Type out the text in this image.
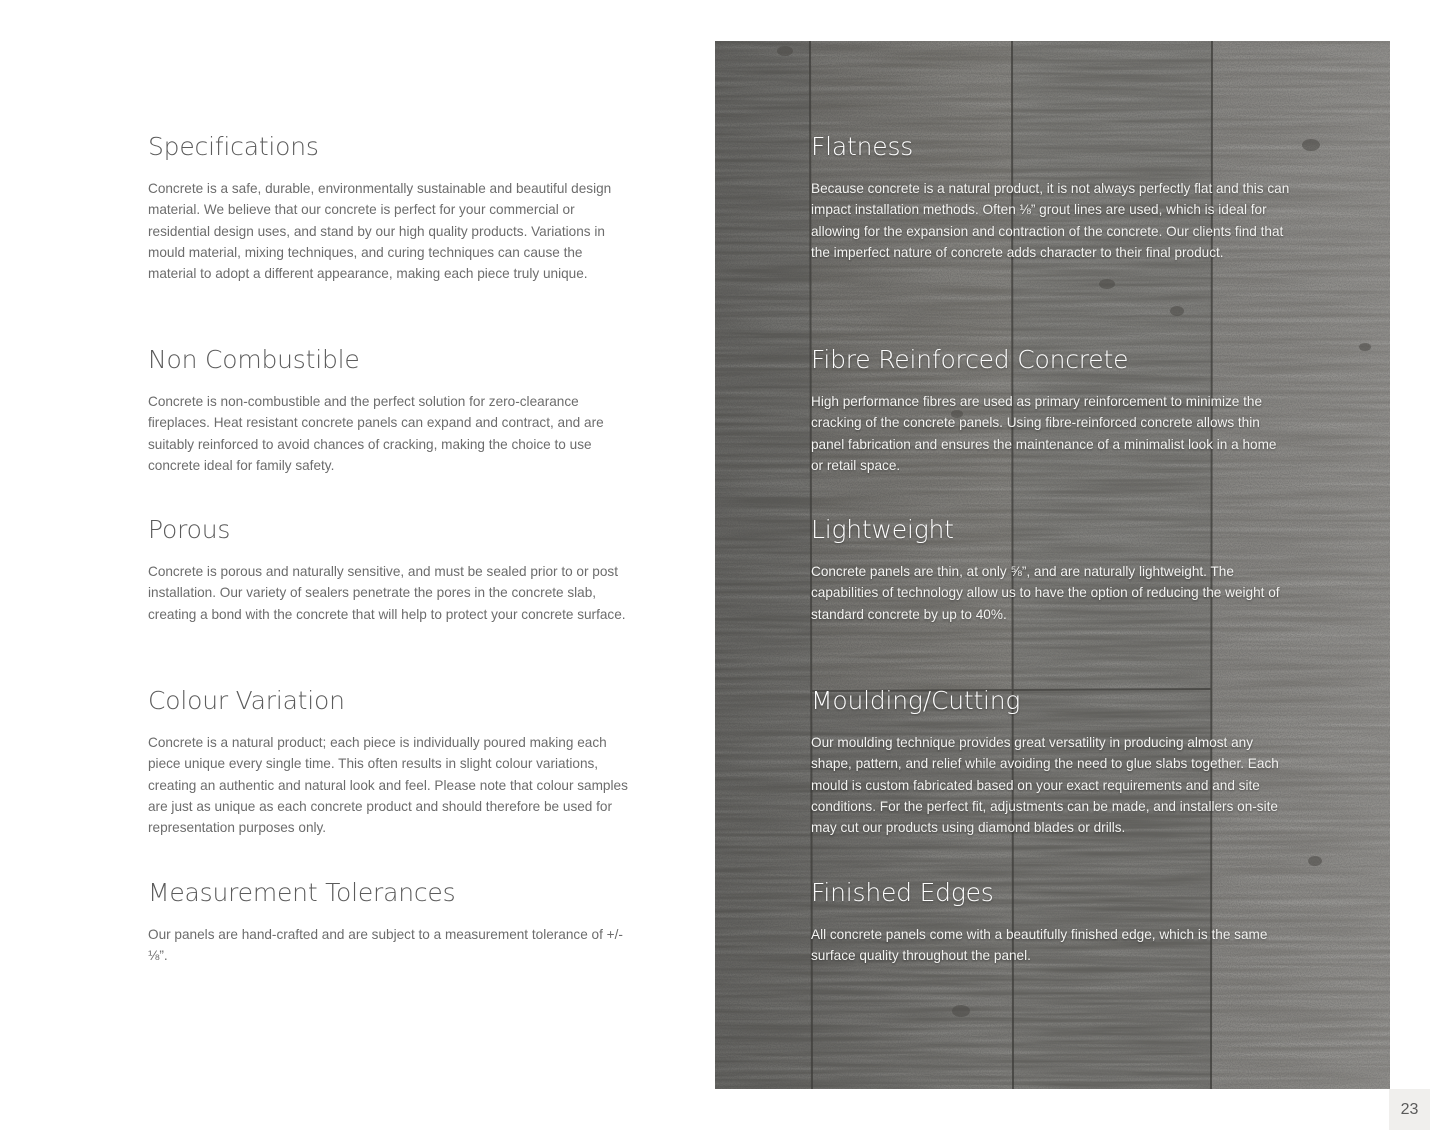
Specifications

Concrete is a safe, durable, environmentally sustainable and beautiful design material. We believe that our concrete is perfect for your commercial or residential design uses, and stand by our high quality products. Variations in mould material, mixing techniques, and curing techniques can cause the material to adopt a different appearance, making each piece truly unique.

Non Combustible

Concrete is non-combustible and the perfect solution for zero-clearance fireplaces. Heat resistant concrete panels can expand and contract, and are suitably reinforced to avoid chances of cracking, making the choice to use concrete ideal for family safety.

Porous

Concrete is porous and naturally sensitive, and must be sealed prior to or post installation. Our variety of sealers penetrate the pores in the concrete slab, creating a bond with the concrete that will help to protect your concrete surface.

Colour Variation

Concrete is a natural product; each piece is individually poured making each piece unique every single time. This often results in slight colour variations, creating an authentic and natural look and feel. Please note that colour samples are just as unique as each concrete product and should therefore be used for representation purposes only.

Measurement Tolerances

Our panels are hand-crafted and are subject to a measurement tolerance of +/- ⅛”.

Flatness

Because concrete is a natural product, it is not always perfectly flat and this can impact installation methods. Often ⅛” grout lines are used, which is ideal for allowing for the expansion and contraction of the concrete. Our clients find that the imperfect nature of concrete adds character to their final product.

Fibre Reinforced Concrete

High performance fibres are used as primary reinforcement to minimize the cracking of the concrete panels. Using fibre-reinforced concrete allows thin panel fabrication and ensures the maintenance of a minimalist look in a home or retail space.

Lightweight

Concrete panels are thin, at only ⅝”, and are naturally lightweight. The capabilities of technology allow us to have the option of reducing the weight of standard concrete by up to 40%.

Moulding/Cutting

Our moulding technique provides great versatility in producing almost any shape, pattern, and relief while avoiding the need to glue slabs together. Each mould is custom fabricated based on your exact requirements and and site conditions. For the perfect fit, adjustments can be made, and installers on-site may cut our products using diamond blades or drills.

Finished Edges

All concrete panels come with a beautifully finished edge, which is the same surface quality throughout the panel.

23
